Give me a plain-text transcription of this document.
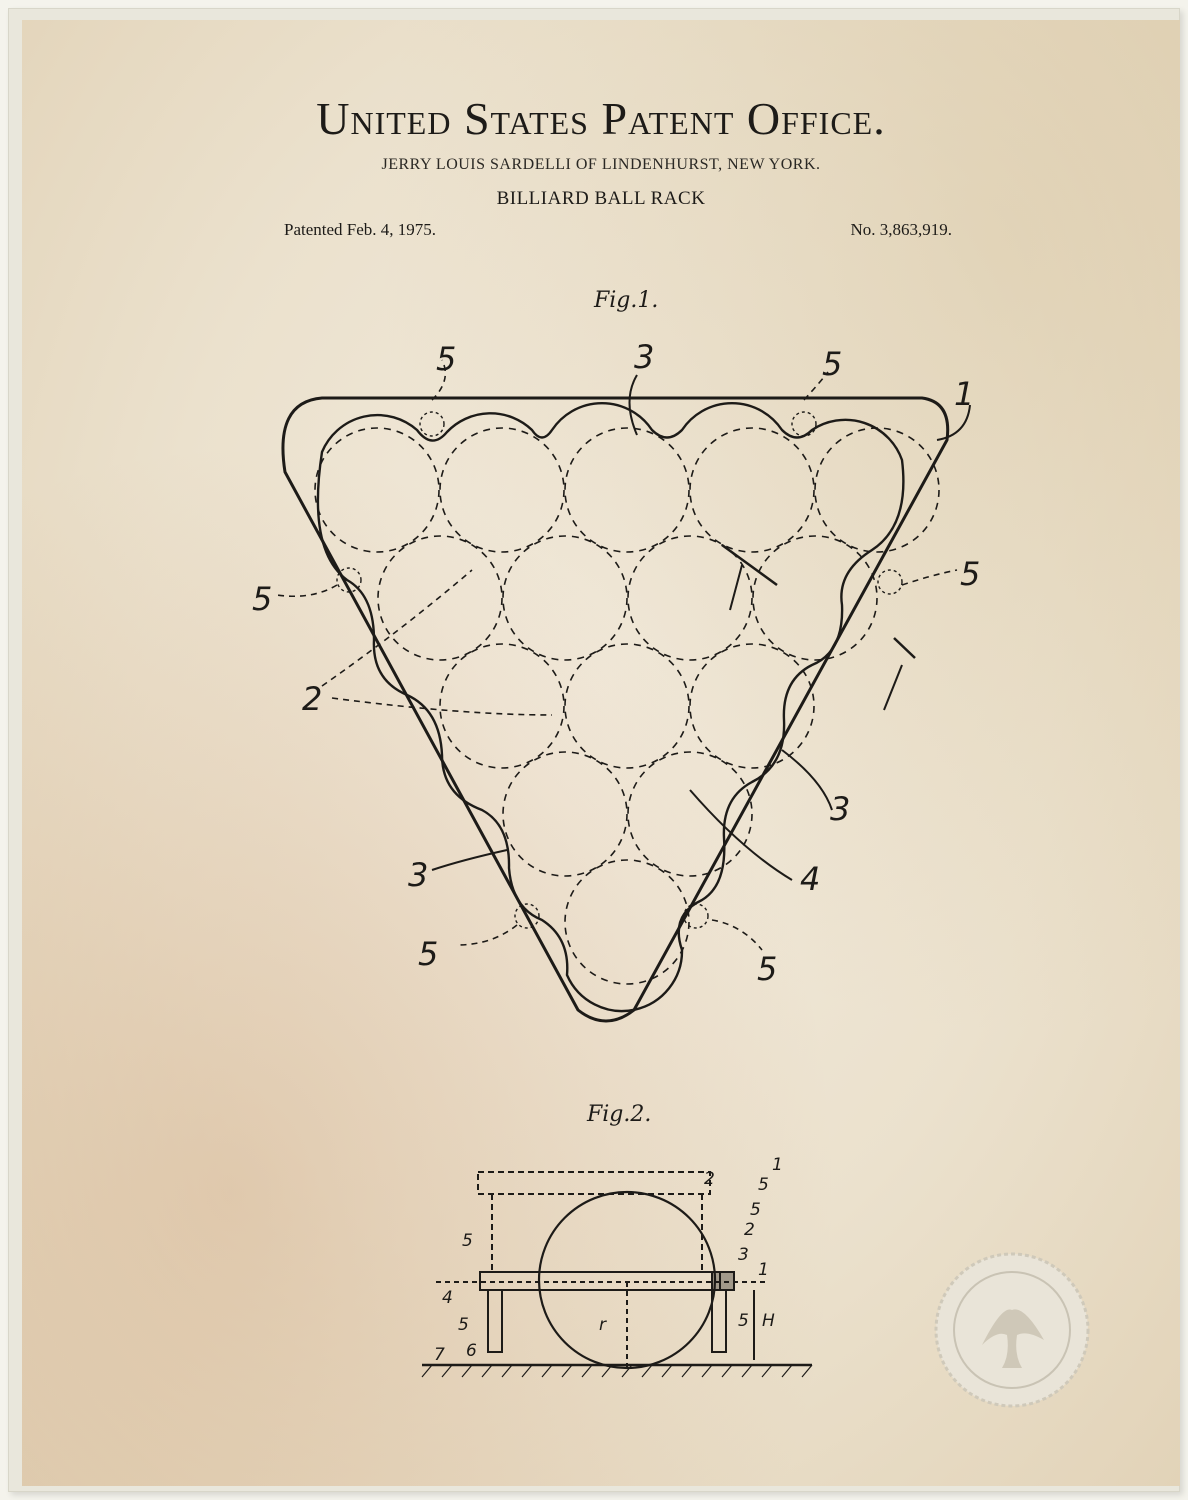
United States Patent Office.
JERRY LOUIS SARDELLI OF LINDENHURST, NEW YORK.
BILLIARD BALL RACK
Patented Feb. 4, 1975.	No. 3,863,919.
Fig.1.
5	5
5
5
5	5
3
3
3
1
2
4
Fig.2.
1
2	5
5
2
3
1
5
4
5
6
7
r	5 H
